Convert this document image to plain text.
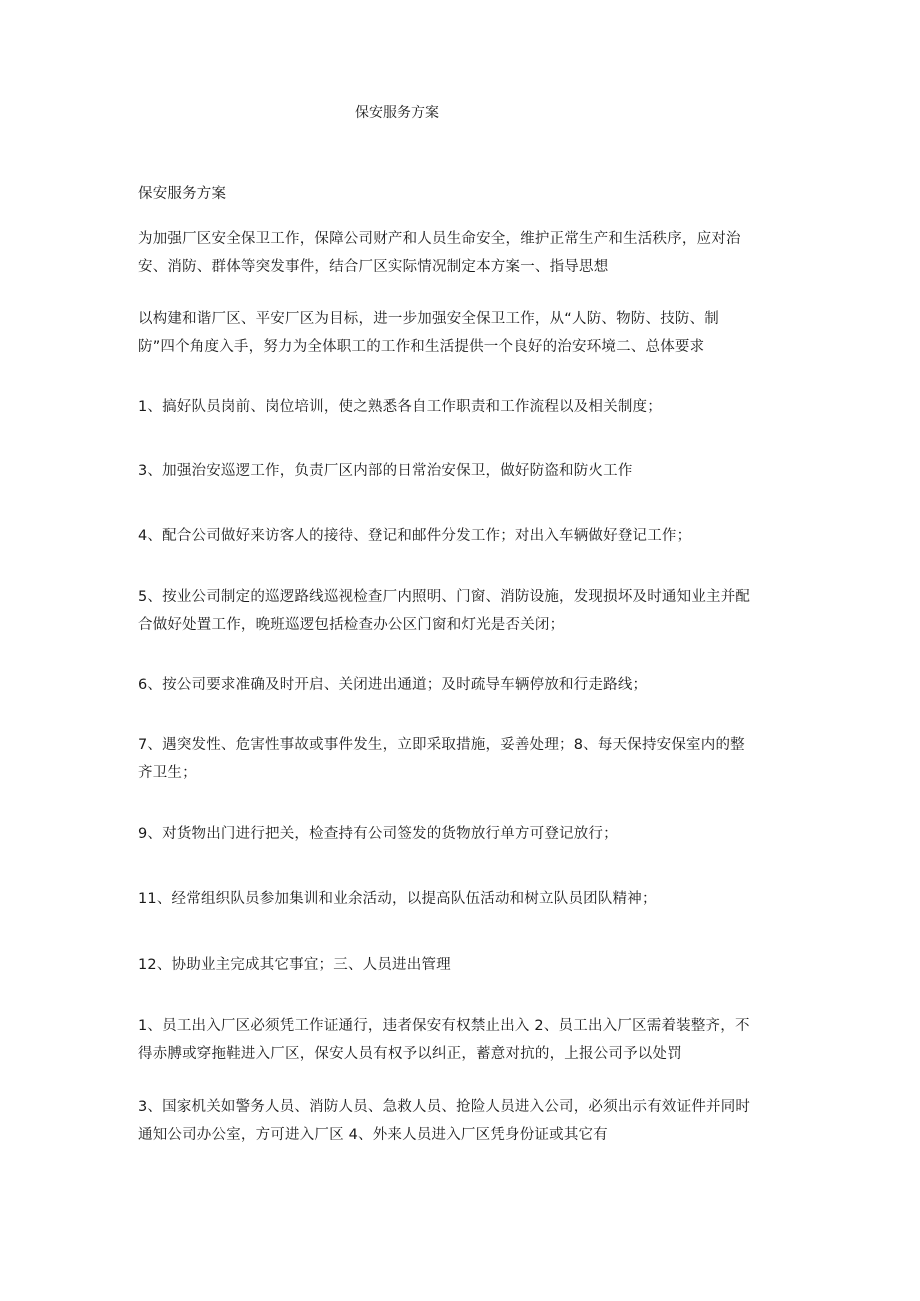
保安服务方案

保安服务方案

为加强厂区安全保卫工作，保障公司财产和人员生命安全，维护正常生产和生活秩序，应对治
安、消防、群体等突发事件，结合厂区实际情况制定本方案一、指导思想

以构建和谐厂区、平安厂区为目标，进一步加强安全保卫工作，从“人防、物防、技防、制
防”四个角度入手，努力为全体职工的工作和生活提供一个良好的治安环境二、总体要求

1、搞好队员岗前、岗位培训，使之熟悉各自工作职责和工作流程以及相关制度；

3、加强治安巡逻工作，负责厂区内部的日常治安保卫，做好防盗和防火工作

4、配合公司做好来访客人的接待、登记和邮件分发工作；对出入车辆做好登记工作；

5、按业公司制定的巡逻路线巡视检查厂内照明、门窗、消防设施，发现损坏及时通知业主并配
合做好处置工作，晚班巡逻包括检查办公区门窗和灯光是否关闭；

6、按公司要求准确及时开启、关闭进出通道；及时疏导车辆停放和行走路线；

7、遇突发性、危害性事故或事件发生，立即采取措施，妥善处理；8、每天保持安保室内的整
齐卫生；

9、对货物出门进行把关，检查持有公司签发的货物放行单方可登记放行；

11、经常组织队员参加集训和业余活动，以提高队伍活动和树立队员团队精神；

12、协助业主完成其它事宜；三、人员进出管理

1、员工出入厂区必须凭工作证通行，违者保安有权禁止出入 2、员工出入厂区需着装整齐，不
得赤膊或穿拖鞋进入厂区，保安人员有权予以纠正，蓄意对抗的，上报公司予以处罚

3、国家机关如警务人员、消防人员、急救人员、抢险人员进入公司，必须出示有效证件并同时
通知公司办公室，方可进入厂区 4、外来人员进入厂区凭身份证或其它有
